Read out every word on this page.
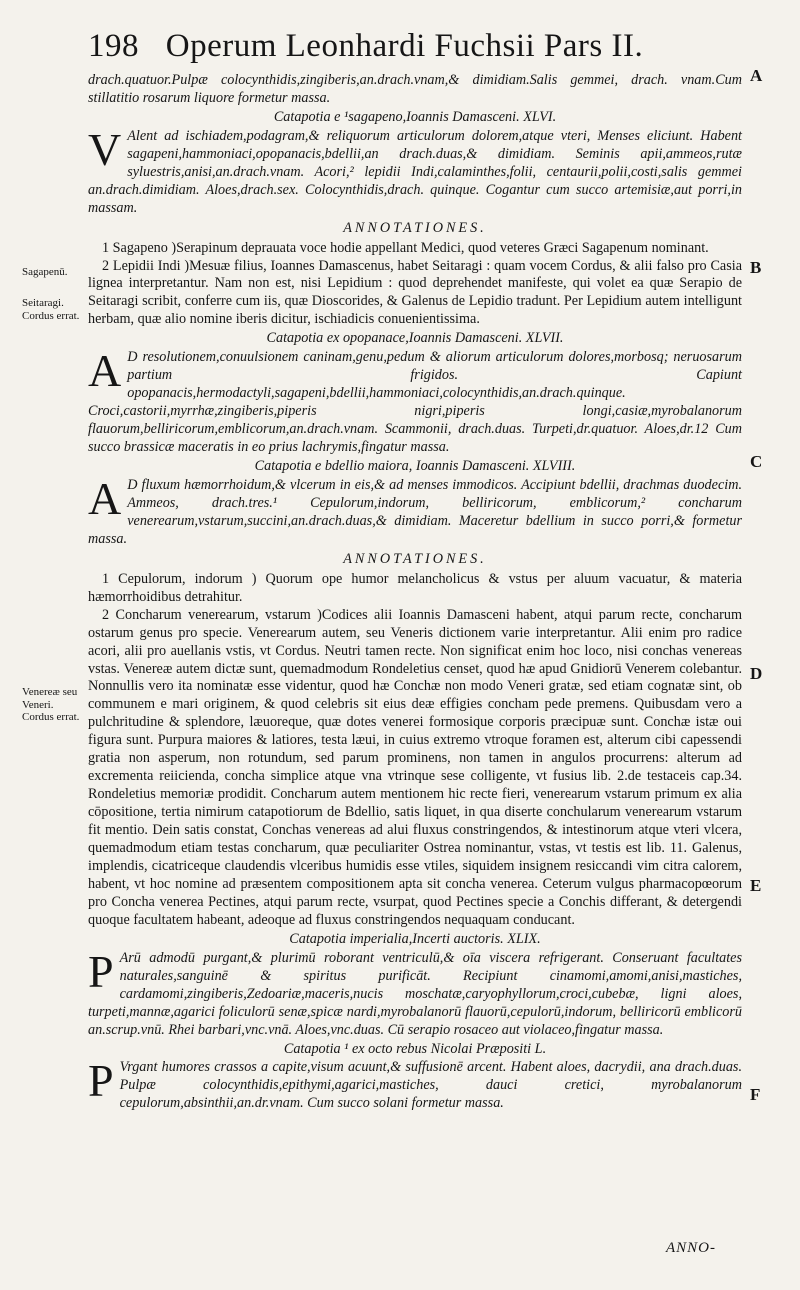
198 Operum Leonhardi Fuchsii Pars II.
Sagapenū.
Seitaragi. Cordus errat.
Venereæ seu Veneri. Cordus errat.
A
B
C
D
E
F

drach.quatuor.Pulpæ colocynthidis,zingiberis,an.drach.vnam,& dimidiam.Salis gemmei, drach. vnam.Cum stillatitio rosarum liquore formetur massa.

Catapotia e ¹sagapeno,Ioannis Damasceni. XLVI.

V Alent ad ischiadem,podagram,& reliquorum articulorum dolorem,atque vteri, Menses eliciunt. Habent sagapeni,hammoniaci,opopanacis,bdellii,an drach.duas,& dimidiam. Seminis apii,ammeos,rutæ syluestris,anisi,an.drach.vnam. Acori,² lepidii Indi,calaminthes,folii, centaurii,polii,costi,salis gemmei an.drach.dimidiam. Aloes,drach.sex. Colocynthidis,drach. quinque. Cogantur cum succo artemisiæ,aut porri,in massam.

ANNOTATIONES.

1 Sagapeno )Serapinum deprauata voce hodie appellant Medici, quod veteres Græci Sagapenum nominant.

2 Lepidii Indi )Mesuæ filius, Ioannes Damascenus, habet Seitaragi : quam vocem Cordus, & alii falso pro Casia lignea interpretantur. Nam non est, nisi Lepidium : quod deprehendet manifeste, qui volet ea quæ Serapio de Seitaragi scribit, conferre cum iis, quæ Dioscorides, & Galenus de Lepidio tradunt. Per Lepidium autem intelligunt herbam, quæ alio nomine iberis dicitur, ischiadicis conuenientissima.

Catapotia ex opopanace,Ioannis Damasceni. XLVII.

A D resolutionem,conuulsionem caninam,genu,pedum & aliorum articulorum dolores,morbosq; neruosarum partium frigidos. Capiunt opopanacis,hermodactyli,sagapeni,bdellii,hammoniaci,colocynthidis,an.drach.quinque. Croci,castorii,myrrhæ,zingiberis,piperis nigri,piperis longi,casiæ,myrobalanorum flauorum,belliricorum,emblicorum,an.drach.vnam. Scammonii, drach.duas. Turpeti,dr.quatuor. Aloes,dr.12 Cum succo brassicæ maceratis in eo prius lachrymis,fingatur massa.

Catapotia e bdellio maiora, Ioannis Damasceni. XLVIII.

A D fluxum hæmorrhoidum,& vlcerum in eis,& ad menses immodicos. Accipiunt bdellii, drachmas duodecim. Ammeos, drach.tres.¹ Cepulorum,indorum, belliricorum, emblicorum,² concharum venerearum,vstarum,succini,an.drach.duas,& dimidiam. Maceretur bdellium in succo porri,& formetur massa.

ANNOTATIONES.

1 Cepulorum, indorum ) Quorum ope humor melancholicus & vstus per aluum vacuatur, & materia hæmorrhoidibus detrahitur.

2 Concharum venerearum, vstarum )Codices alii Ioannis Damasceni habent, atqui parum recte, concharum ostarum genus pro specie. Venerearum autem, seu Veneris dictionem varie interpretantur. Alii enim pro radice acori, alii pro auellanis vstis, vt Cordus. Neutri tamen recte. Non significat enim hoc loco, nisi conchas venereas vstas. Venereæ autem dictæ sunt, quemadmodum Rondeletius censet, quod hæ apud Gnidiorū Venerem colebantur. Nonnullis vero ita nominatæ esse videntur, quod hæ Conchæ non modo Veneri gratæ, sed etiam cognatæ sint, ob communem e mari originem, & quod celebris sit eius deæ effigies concham pede premens. Quibusdam vero a pulchritudine & splendore, læuoreque, quæ dotes venerei formosique corporis præcipuæ sunt. Conchæ istæ oui figura sunt. Purpura maiores & latiores, testa læui, in cuius extremo vtroque foramen est, alterum cibi capessendi gratia non asperum, non rotundum, sed parum prominens, non tamen in angulos procurrens: alterum ad excrementa reiicienda, concha simplice atque vna vtrinque sese colligente, vt fusius lib. 2.de testaceis cap.34. Rondeletius memoriæ prodidit. Concharum autem mentionem hic recte fieri, venerearum vstarum primum ex alia cōpositione, tertia nimirum catapotiorum de Bdellio, satis liquet, in qua diserte conchularum venerearum vstarum fit mentio. Dein satis constat, Conchas venereas ad alui fluxus constringendos, & intestinorum atque vteri vlcera, quemadmodum etiam testas concharum, quæ peculiariter Ostrea nominantur, vstas, vt testis est lib. 11. Galenus, implendis, cicatriceque claudendis vlceribus humidis esse vtiles, siquidem insignem resiccandi vim citra calorem, habent, vt hoc nomine ad præsentem compositionem apta sit concha venerea. Ceterum vulgus pharmacopœorum pro Concha venerea Pectines, atqui parum recte, vsurpat, quod Pectines specie a Conchis differant, & detergendi quoque facultatem habeant, adeoque ad fluxus constringendos nequaquam conducant.

Catapotia imperialia,Incerti auctoris. XLIX.

P Arū admodū purgant,& plurimū roborant ventriculū,& oīa viscera refrigerant. Conseruant facultates naturales,sanguinē & spiritus purificāt. Recipiunt cinamomi,amomi,anisi,mastiches, cardamomi,zingiberis,Zedoariæ,maceris,nucis moschatæ,caryophyllorum,croci,cubebæ, ligni aloes, turpeti,mannæ,agarici foliculorū senæ,spicæ nardi,myrobalanorū flauorū,cepulorū,indorum, belliricorū emblicorū an.scrup.vnū. Rhei barbari,vnc.vnā. Aloes,vnc.duas. Cū serapio rosaceo aut violaceo,fingatur massa.

Catapotia ¹ ex octo rebus Nicolai Præpositi L.

P Vrgant humores crassos a capite,visum acuunt,& suffusionē arcent. Habent aloes, dacrydii, ana drach.duas. Pulpæ colocynthidis,epithymi,agarici,mastiches, dauci cretici, myrobalanorum cepulorum,absinthii,an.dr.vnam. Cum succo solani formetur massa.

ANNO-
